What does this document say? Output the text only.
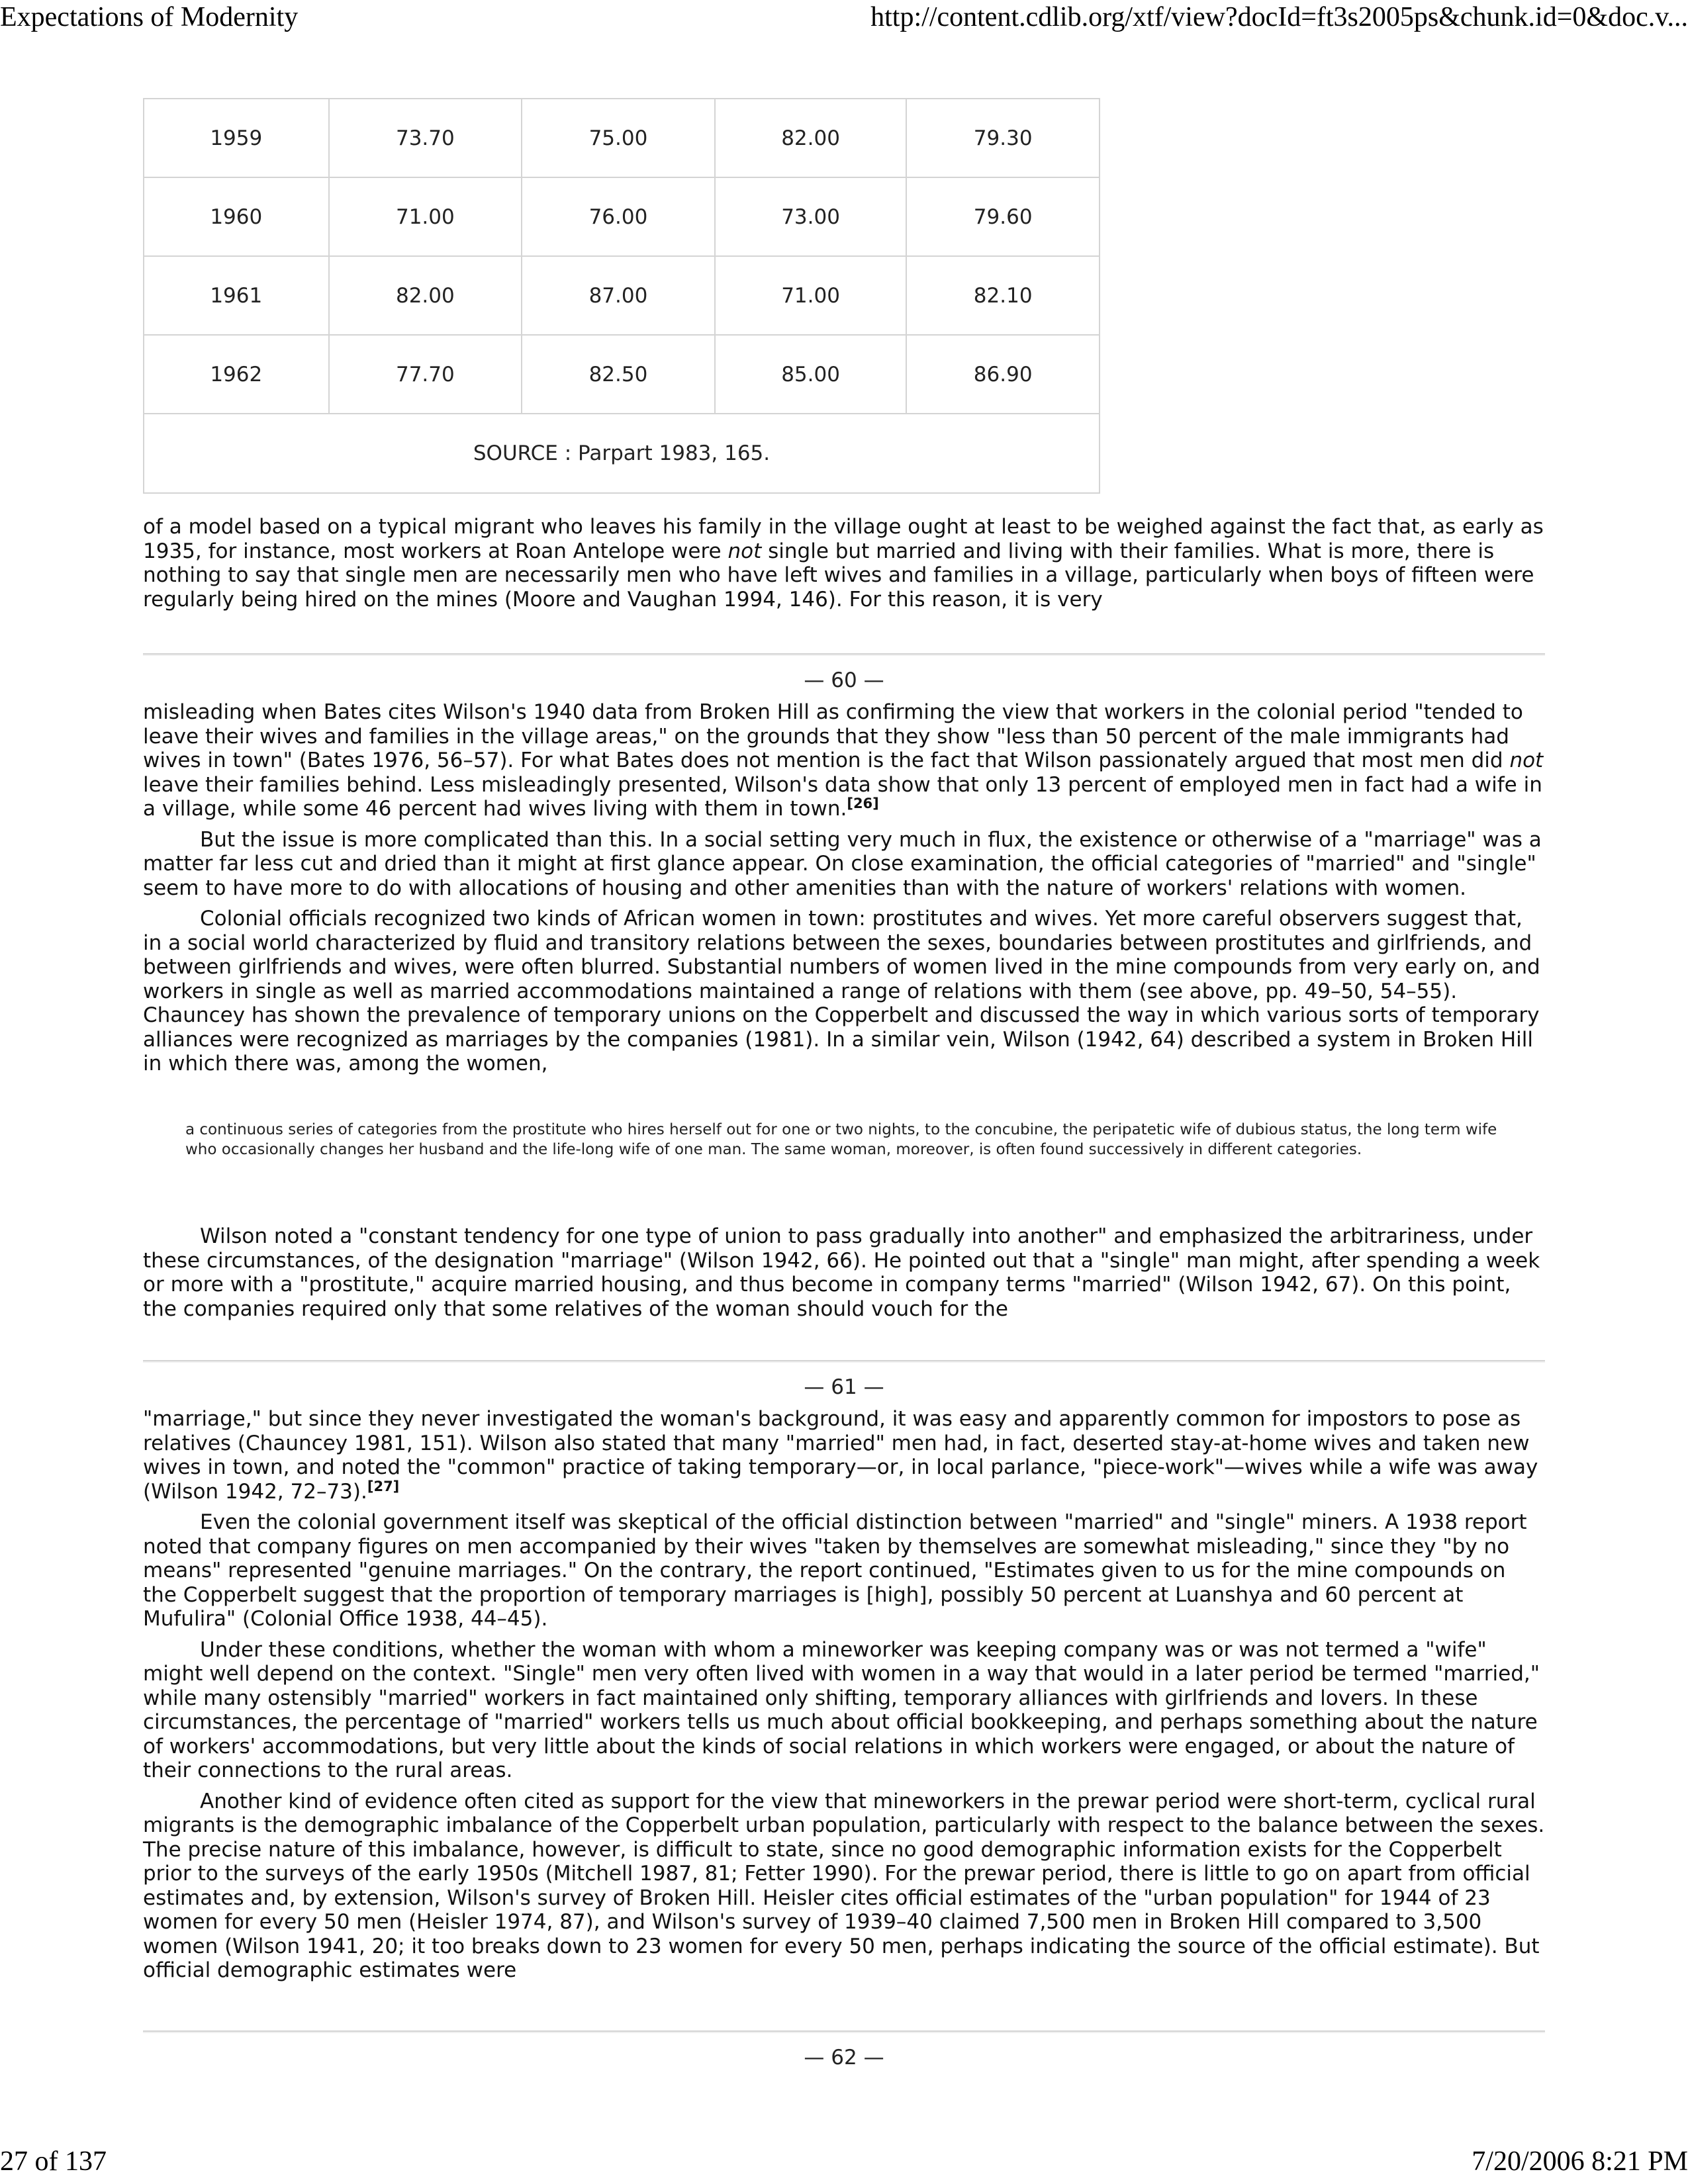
Expectations of Modernity	http://content.cdlib.org/xtf/view?docId=ft3s2005ps&chunk.id=0&doc.v...
1959	73.70	75.00	82.00	79.30
1960	71.00	76.00	73.00	79.60
1961	82.00	87.00	71.00	82.10
1962	77.70	82.50	85.00	86.90
SOURCE : Parpart 1983, 165.				

of a model based on a typical migrant who leaves his family in the village ought at least to be weighed against the fact that, as early as 1935, for instance, most workers at Roan Antelope were not single but married and living with their families. What is more, there is nothing to say that single men are necessarily men who have left wives and families in a village, particularly when boys of fifteen were regularly being hired on the mines (Moore and Vaughan 1994, 146). For this reason, it is very

— 60 —

misleading when Bates cites Wilson's 1940 data from Broken Hill as confirming the view that workers in the colonial period "tended to leave their wives and families in the village areas," on the grounds that they show "less than 50 percent of the male immigrants had wives in town" (Bates 1976, 56–57). For what Bates does not mention is the fact that Wilson passionately argued that most men did not leave their families behind. Less misleadingly presented, Wilson's data show that only 13 percent of employed men in fact had a wife in a village, while some 46 percent had wives living with them in town.[26]

But the issue is more complicated than this. In a social setting very much in flux, the existence or otherwise of a "marriage" was a matter far less cut and dried than it might at first glance appear. On close examination, the official categories of "married" and "single" seem to have more to do with allocations of housing and other amenities than with the nature of workers' relations with women.

Colonial officials recognized two kinds of African women in town: prostitutes and wives. Yet more careful observers suggest that, in a social world characterized by fluid and transitory relations between the sexes, boundaries between prostitutes and girlfriends, and between girlfriends and wives, were often blurred. Substantial numbers of women lived in the mine compounds from very early on, and workers in single as well as married accommodations maintained a range of relations with them (see above, pp. 49–50, 54–55). Chauncey has shown the prevalence of temporary unions on the Copperbelt and discussed the way in which various sorts of temporary alliances were recognized as marriages by the companies (1981). In a similar vein, Wilson (1942, 64) described a system in Broken Hill in which there was, among the women,

a continuous series of categories from the prostitute who hires herself out for one or two nights, to the concubine, the peripatetic wife of dubious status, the long term wife who occasionally changes her husband and the life-long wife of one man. The same woman, moreover, is often found successively in different categories.

Wilson noted a "constant tendency for one type of union to pass gradually into another" and emphasized the arbitrariness, under these circumstances, of the designation "marriage" (Wilson 1942, 66). He pointed out that a "single" man might, after spending a week or more with a "prostitute," acquire married housing, and thus become in company terms "married" (Wilson 1942, 67). On this point, the companies required only that some relatives of the woman should vouch for the

— 61 —

"marriage," but since they never investigated the woman's background, it was easy and apparently common for impostors to pose as relatives (Chauncey 1981, 151). Wilson also stated that many "married" men had, in fact, deserted stay-at-home wives and taken new wives in town, and noted the "common" practice of taking temporary—or, in local parlance, "piece-work"—wives while a wife was away (Wilson 1942, 72–73).[27]

Even the colonial government itself was skeptical of the official distinction between "married" and "single" miners. A 1938 report noted that company figures on men accompanied by their wives "taken by themselves are somewhat misleading," since they "by no means" represented "genuine marriages." On the contrary, the report continued, "Estimates given to us for the mine compounds on the Copperbelt suggest that the proportion of temporary marriages is [high], possibly 50 percent at Luanshya and 60 percent at Mufulira" (Colonial Office 1938, 44–45).

Under these conditions, whether the woman with whom a mineworker was keeping company was or was not termed a "wife" might well depend on the context. "Single" men very often lived with women in a way that would in a later period be termed "married," while many ostensibly "married" workers in fact maintained only shifting, temporary alliances with girlfriends and lovers. In these circumstances, the percentage of "married" workers tells us much about official bookkeeping, and perhaps something about the nature of workers' accommodations, but very little about the kinds of social relations in which workers were engaged, or about the nature of their connections to the rural areas.

Another kind of evidence often cited as support for the view that mineworkers in the prewar period were short-term, cyclical rural migrants is the demographic imbalance of the Copperbelt urban population, particularly with respect to the balance between the sexes. The precise nature of this imbalance, however, is difficult to state, since no good demographic information exists for the Copperbelt prior to the surveys of the early 1950s (Mitchell 1987, 81; Fetter 1990). For the prewar period, there is little to go on apart from official estimates and, by extension, Wilson's survey of Broken Hill. Heisler cites official estimates of the "urban population" for 1944 of 23 women for every 50 men (Heisler 1974, 87), and Wilson's survey of 1939–40 claimed 7,500 men in Broken Hill compared to 3,500 women (Wilson 1941, 20; it too breaks down to 23 women for every 50 men, perhaps indicating the source of the official estimate). But official demographic estimates were

— 62 —
27 of 137	7/20/2006 8:21 PM
